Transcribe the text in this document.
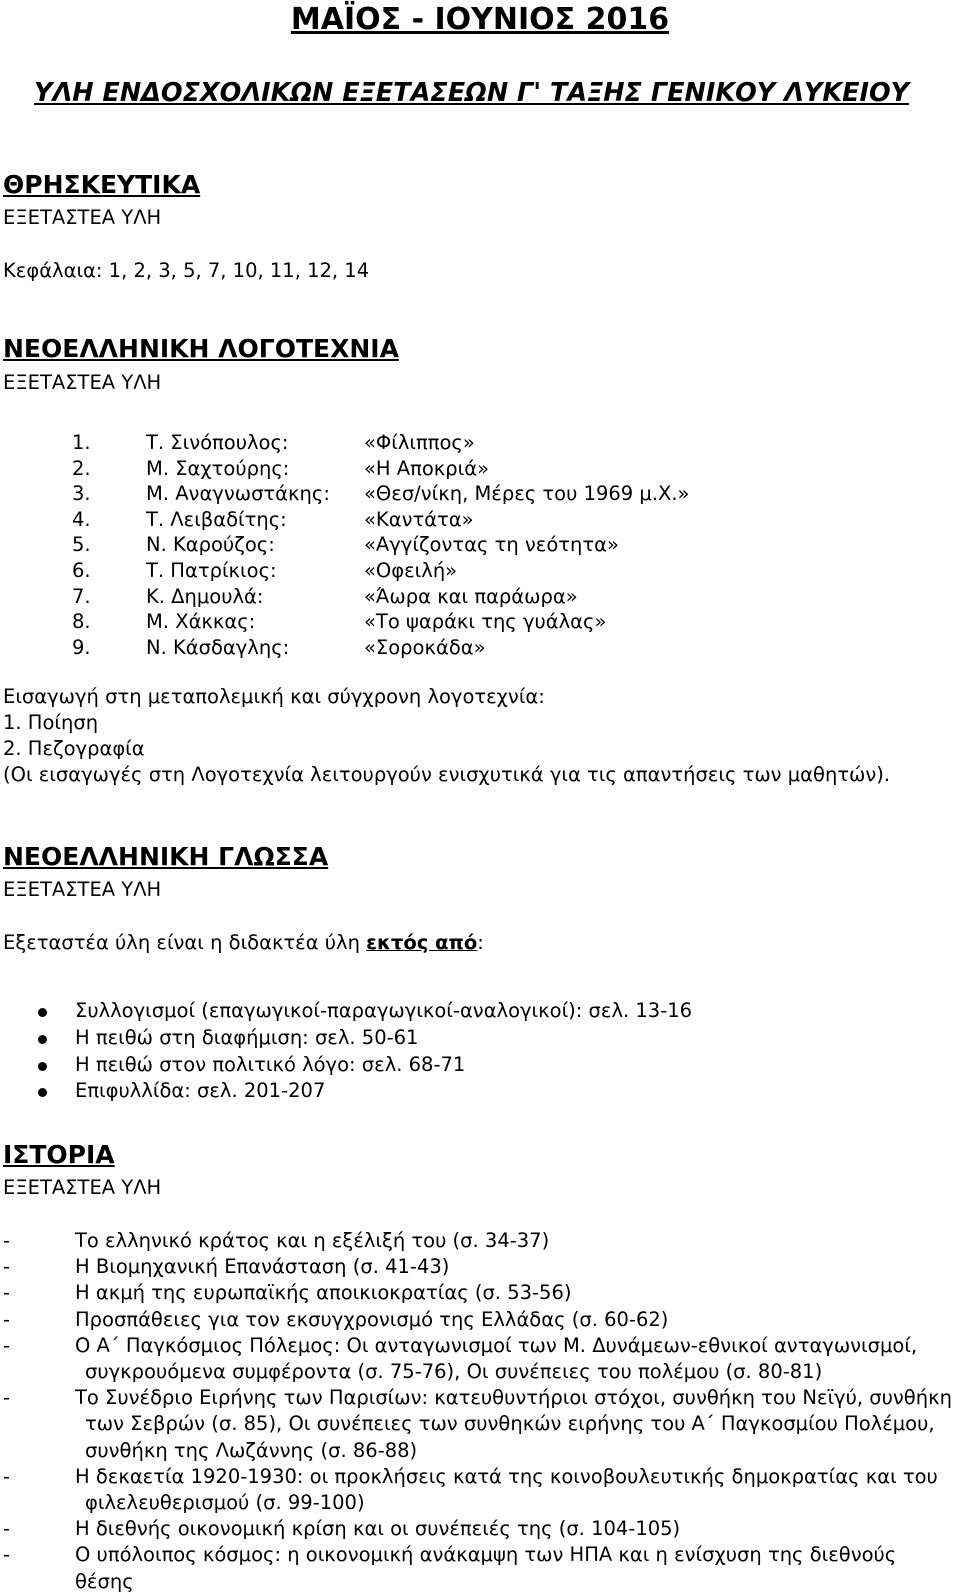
ΜΑΪΟΣ - ΙΟΥΝΙΟΣ 2016
ΥΛΗ ΕΝΔΟΣΧΟΛΙΚΩΝ ΕΞΕΤΑΣΕΩΝ Γ' ΤΑΞΗΣ ΓΕΝΙΚΟΥ ΛΥΚΕΙΟΥ
ΘΡΗΣΚΕΥΤΙΚΑ
ΕΞΕΤΑΣΤΕΑ ΥΛΗ
Κεφάλαια: 1, 2, 3, 5, 7, 10, 11, 12, 14
ΝΕΟΕΛΛΗΝΙΚΗ ΛΟΓΟΤΕΧΝΙΑ
ΕΞΕΤΑΣΤΕΑ ΥΛΗ
1.	Τ. Σινόπουλος:	«Φίλιππος»
2.	Μ. Σαχτούρης:	«Η Αποκριά»
3.	Μ. Αναγνωστάκης: «Θεσ/νίκη, Μέρες του 1969 μ.Χ.»
4.	Τ. Λειβαδίτης:	«Καντάτα»
5.	Ν. Καρούζος:	«Αγγίζοντας τη νεότητα»
6.	Τ. Πατρίκιος:	«Οφειλή»
7.	Κ. Δημουλά:	«Άωρα και παράωρα»
8.	Μ. Χάκκας:	«Το ψαράκι της γυάλας»
9.	Ν. Κάσδαγλης:	«Σοροκάδα»
Εισαγωγή στη μεταπολεμική και σύγχρονη λογοτεχνία:
1. Ποίηση
2. Πεζογραφία
(Οι εισαγωγές στη Λογοτεχνία λειτουργούν ενισχυτικά για τις απαντήσεις των μαθητών).
ΝΕΟΕΛΛΗΝΙΚΗ ΓΛΩΣΣΑ
ΕΞΕΤΑΣΤΕΑ ΥΛΗ
Εξεταστέα ύλη είναι η διδακτέα ύλη εκτός από:
Συλλογισμοί (επαγωγικοί-παραγωγικοί-αναλογικοί): σελ. 13-16
Η πειθώ στη διαφήμιση: σελ. 50-61
Η πειθώ στον πολιτικό λόγο: σελ. 68-71
Επιφυλλίδα: σελ. 201-207
ΙΣΤΟΡΙΑ
ΕΞΕΤΑΣΤΕΑ ΥΛΗ
-	Το ελληνικό κράτος και η εξέλιξή του (σ. 34-37)
-	Η Βιομηχανική Επανάσταση (σ. 41-43)
-	Η ακμή της ευρωπαϊκής αποικιοκρατίας (σ. 53-56)
-	Προσπάθειες για τον εκσυγχρονισμό της Ελλάδας (σ. 60-62)
-	Ο Α΄ Παγκόσμιος Πόλεμος: Οι ανταγωνισμοί των Μ. Δυνάμεων-εθνικοί ανταγωνισμοί,
συγκρουόμενα συμφέροντα (σ. 75-76), Οι συνέπειες του πολέμου (σ. 80-81)
-	Το Συνέδριο Ειρήνης των Παρισίων: κατευθυντήριοι στόχοι, συνθήκη του Νεϊγύ, συνθήκη
των Σεβρών (σ. 85), Οι συνέπειες των συνθηκών ειρήνης του Α΄ Παγκοσμίου Πολέμου,
συνθήκη της Λωζάννης (σ. 86-88)
-	Η δεκαετία 1920-1930: οι προκλήσεις κατά της κοινοβουλευτικής δημοκρατίας και του
φιλελευθερισμού (σ. 99-100)
-	Η διεθνής οικονομική κρίση και οι συνέπειές της (σ. 104-105)
-	Ο υπόλοιπος κόσμος: η οικονομική ανάκαμψη των ΗΠΑ και η ενίσχυση της διεθνούς θέσης
